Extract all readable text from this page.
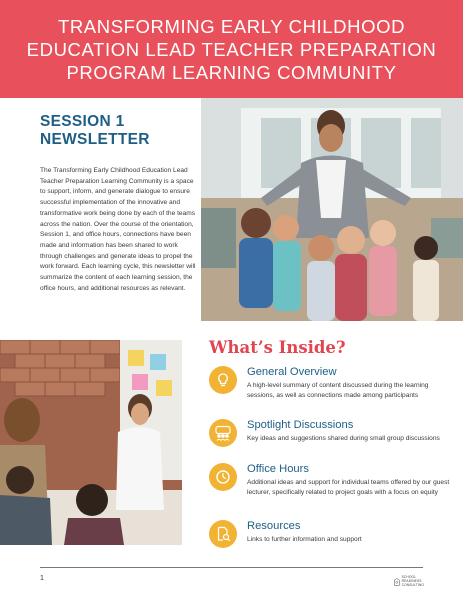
TRANSFORMING EARLY CHILDHOOD
EDUCATION LEAD TEACHER PREPARATION
PROGRAM LEARNING COMMUNITY
SESSION 1
NEWSLETTER

The Transforming Early Childhood Education Lead Teacher Preparation Learning Community is a space to support, inform, and generate dialogue to ensure successful implementation of the innovative and transformative work being done by each of the teams across the nation. Over the course of the orientation, Session 1, and office hours, connections have been made and information has been shared to work through challenges and generate ideas to propel the work forward. Each learning cycle, this newsletter will summarize the content of each learning session, the office hours, and additional resources as relevant.

What’s Inside?
General Overview
A high-level summary of content discussed during the learning sessions, as well as connections made among participants
Spotlight Discussions
Key ideas and suggestions shared during small group discussions
Office Hours
Additional ideas and support for individual teams offered by our guest lecturer, specifically related to project goals with a focus on equity
Resources
Links to further information and support
1	SCHOOL
READINESS
CONSULTING
